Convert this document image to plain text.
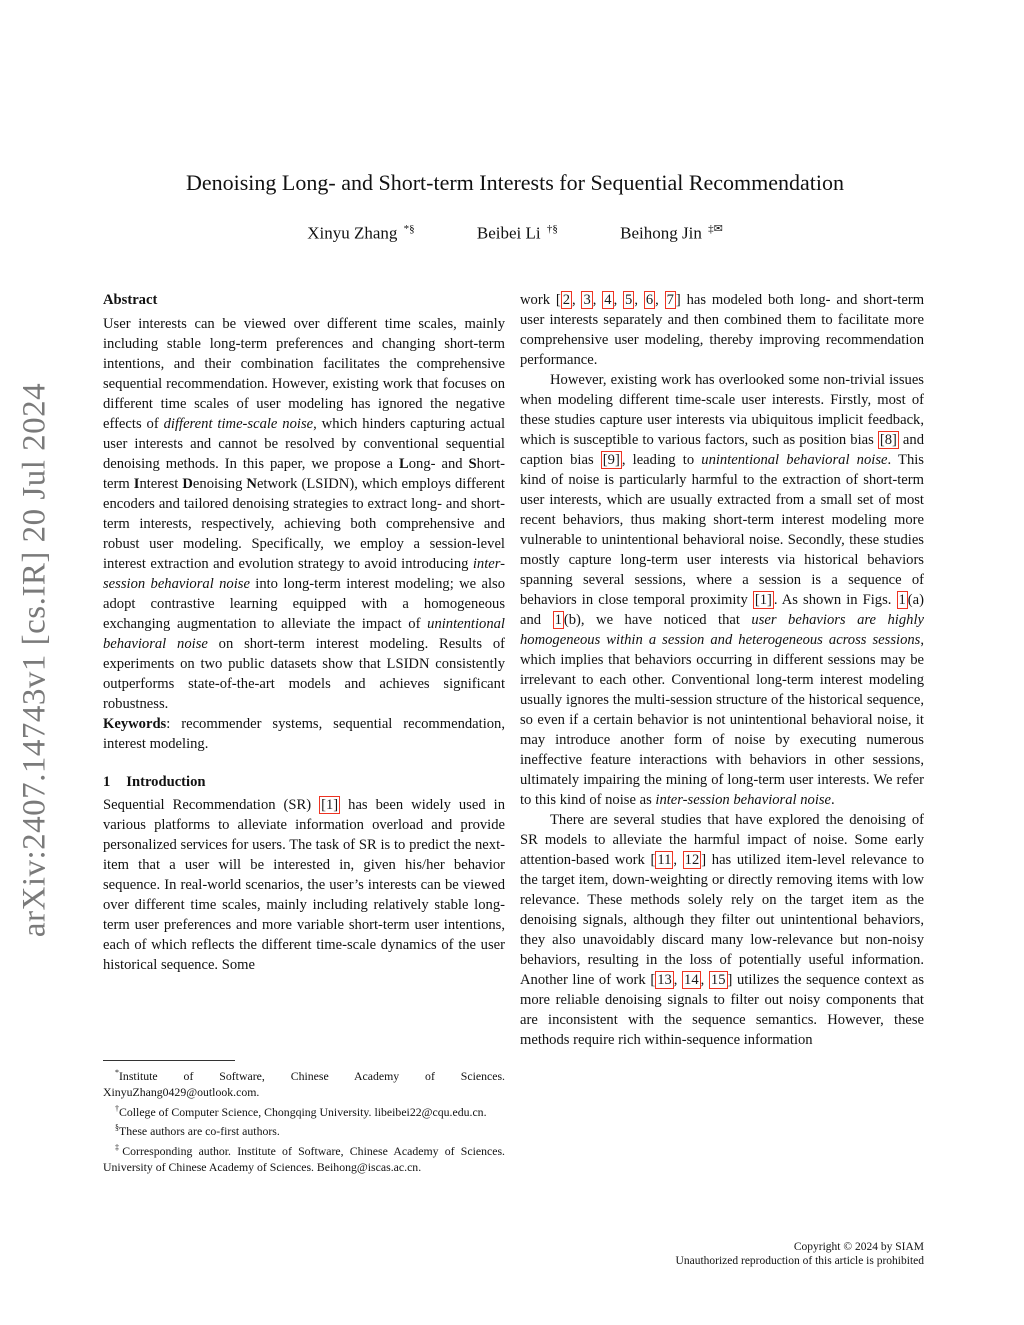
arXiv:2407.14743v1 [cs.IR] 20 Jul 2024
Denoising Long- and Short-term Interests for Sequential Recommendation
Xinyu Zhang *§	Beibei Li †§	Beihong Jin ‡✉
Abstract

User interests can be viewed over different time scales, mainly including stable long-term preferences and changing short-term intentions, and their combination facilitates the comprehensive sequential recommendation. However, existing work that focuses on different time scales of user modeling has ignored the negative effects of different time-scale noise, which hinders capturing actual user interests and cannot be resolved by conventional sequential denoising methods. In this paper, we propose a Long- and Short-term Interest Denoising Network (LSIDN), which employs different encoders and tailored denoising strategies to extract long- and short-term interests, respectively, achieving both comprehensive and robust user modeling. Specifically, we employ a session-level interest extraction and evolution strategy to avoid introducing inter-session behavioral noise into long-term interest modeling; we also adopt contrastive learning equipped with a homogeneous exchanging augmentation to alleviate the impact of unintentional behavioral noise on short-term interest modeling. Results of experiments on two public datasets show that LSIDN consistently outperforms state-of-the-art models and achieves significant robustness.

Keywords: recommender systems, sequential recommendation, interest modeling.

1 Introduction

Sequential Recommendation (SR) [1] has been widely used in various platforms to alleviate information overload and provide personalized services for users. The task of SR is to predict the next-item that a user will be interested in, given his/her behavior sequence. In real-world scenarios, the user’s interests can be viewed over different time scales, mainly including relatively stable long-term user preferences and more variable short-term user intentions, each of which reflects the different time-scale dynamics of the user historical sequence. Some

work [ 2 , 3 , 4 , 5 , 6 , 7 ] has modeled both long- and short-term user interests separately and then combined them to facilitate more comprehensive user modeling, thereby improving recommendation performance.

However, existing work has overlooked some non-trivial issues when modeling different time-scale user interests. Firstly, most of these studies capture user interests via ubiquitous implicit feedback, which is susceptible to various factors, such as position bias [8] and caption bias [9] , leading to unintentional behavioral noise. This kind of noise is particularly harmful to the extraction of short-term user interests, which are usually extracted from a small set of most recent behaviors, thus making short-term interest modeling more vulnerable to unintentional behavioral noise. Secondly, these studies mostly capture long-term user interests via historical behaviors spanning several sessions, where a session is a sequence of behaviors in close temporal proximity [1] . As shown in Figs. 1 (a) and 1 (b), we have noticed that user behaviors are highly homogeneous within a session and heterogeneous across sessions, which implies that behaviors occurring in different sessions may be irrelevant to each other. Conventional long-term interest modeling usually ignores the multi-session structure of the historical sequence, so even if a certain behavior is not unintentional behavioral noise, it may introduce another form of noise by executing numerous ineffective feature interactions with behaviors in other sessions, ultimately impairing the mining of long-term user interests. We refer to this kind of noise as inter-session behavioral noise.

There are several studies that have explored the denoising of SR models to alleviate the harmful impact of noise. Some early attention-based work [ 11 , 12 ] has utilized item-level relevance to the target item, down-weighting or directly removing items with low relevance. These methods solely rely on the target item as the denoising signals, although they filter out unintentional behaviors, they also unavoidably discard many low-relevance but non-noisy behaviors, resulting in the loss of potentially useful information. Another line of work [ 13 , 14 , 15 ] utilizes the sequence context as more reliable denoising signals to filter out noisy components that are inconsistent with the sequence semantics. However, these methods require rich within-sequence information

*Institute of Software, Chinese Academy of Sciences. XinyuZhang0429@outlook.com.

†College of Computer Science, Chongqing University. libeibei22@cqu.edu.cn.

§These authors are co-first authors.

‡Corresponding author. Institute of Software, Chinese Academy of Sciences. University of Chinese Academy of Sciences. Beihong@iscas.ac.cn.

Copyright © 2024 by SIAM
Unauthorized reproduction of this article is prohibited
